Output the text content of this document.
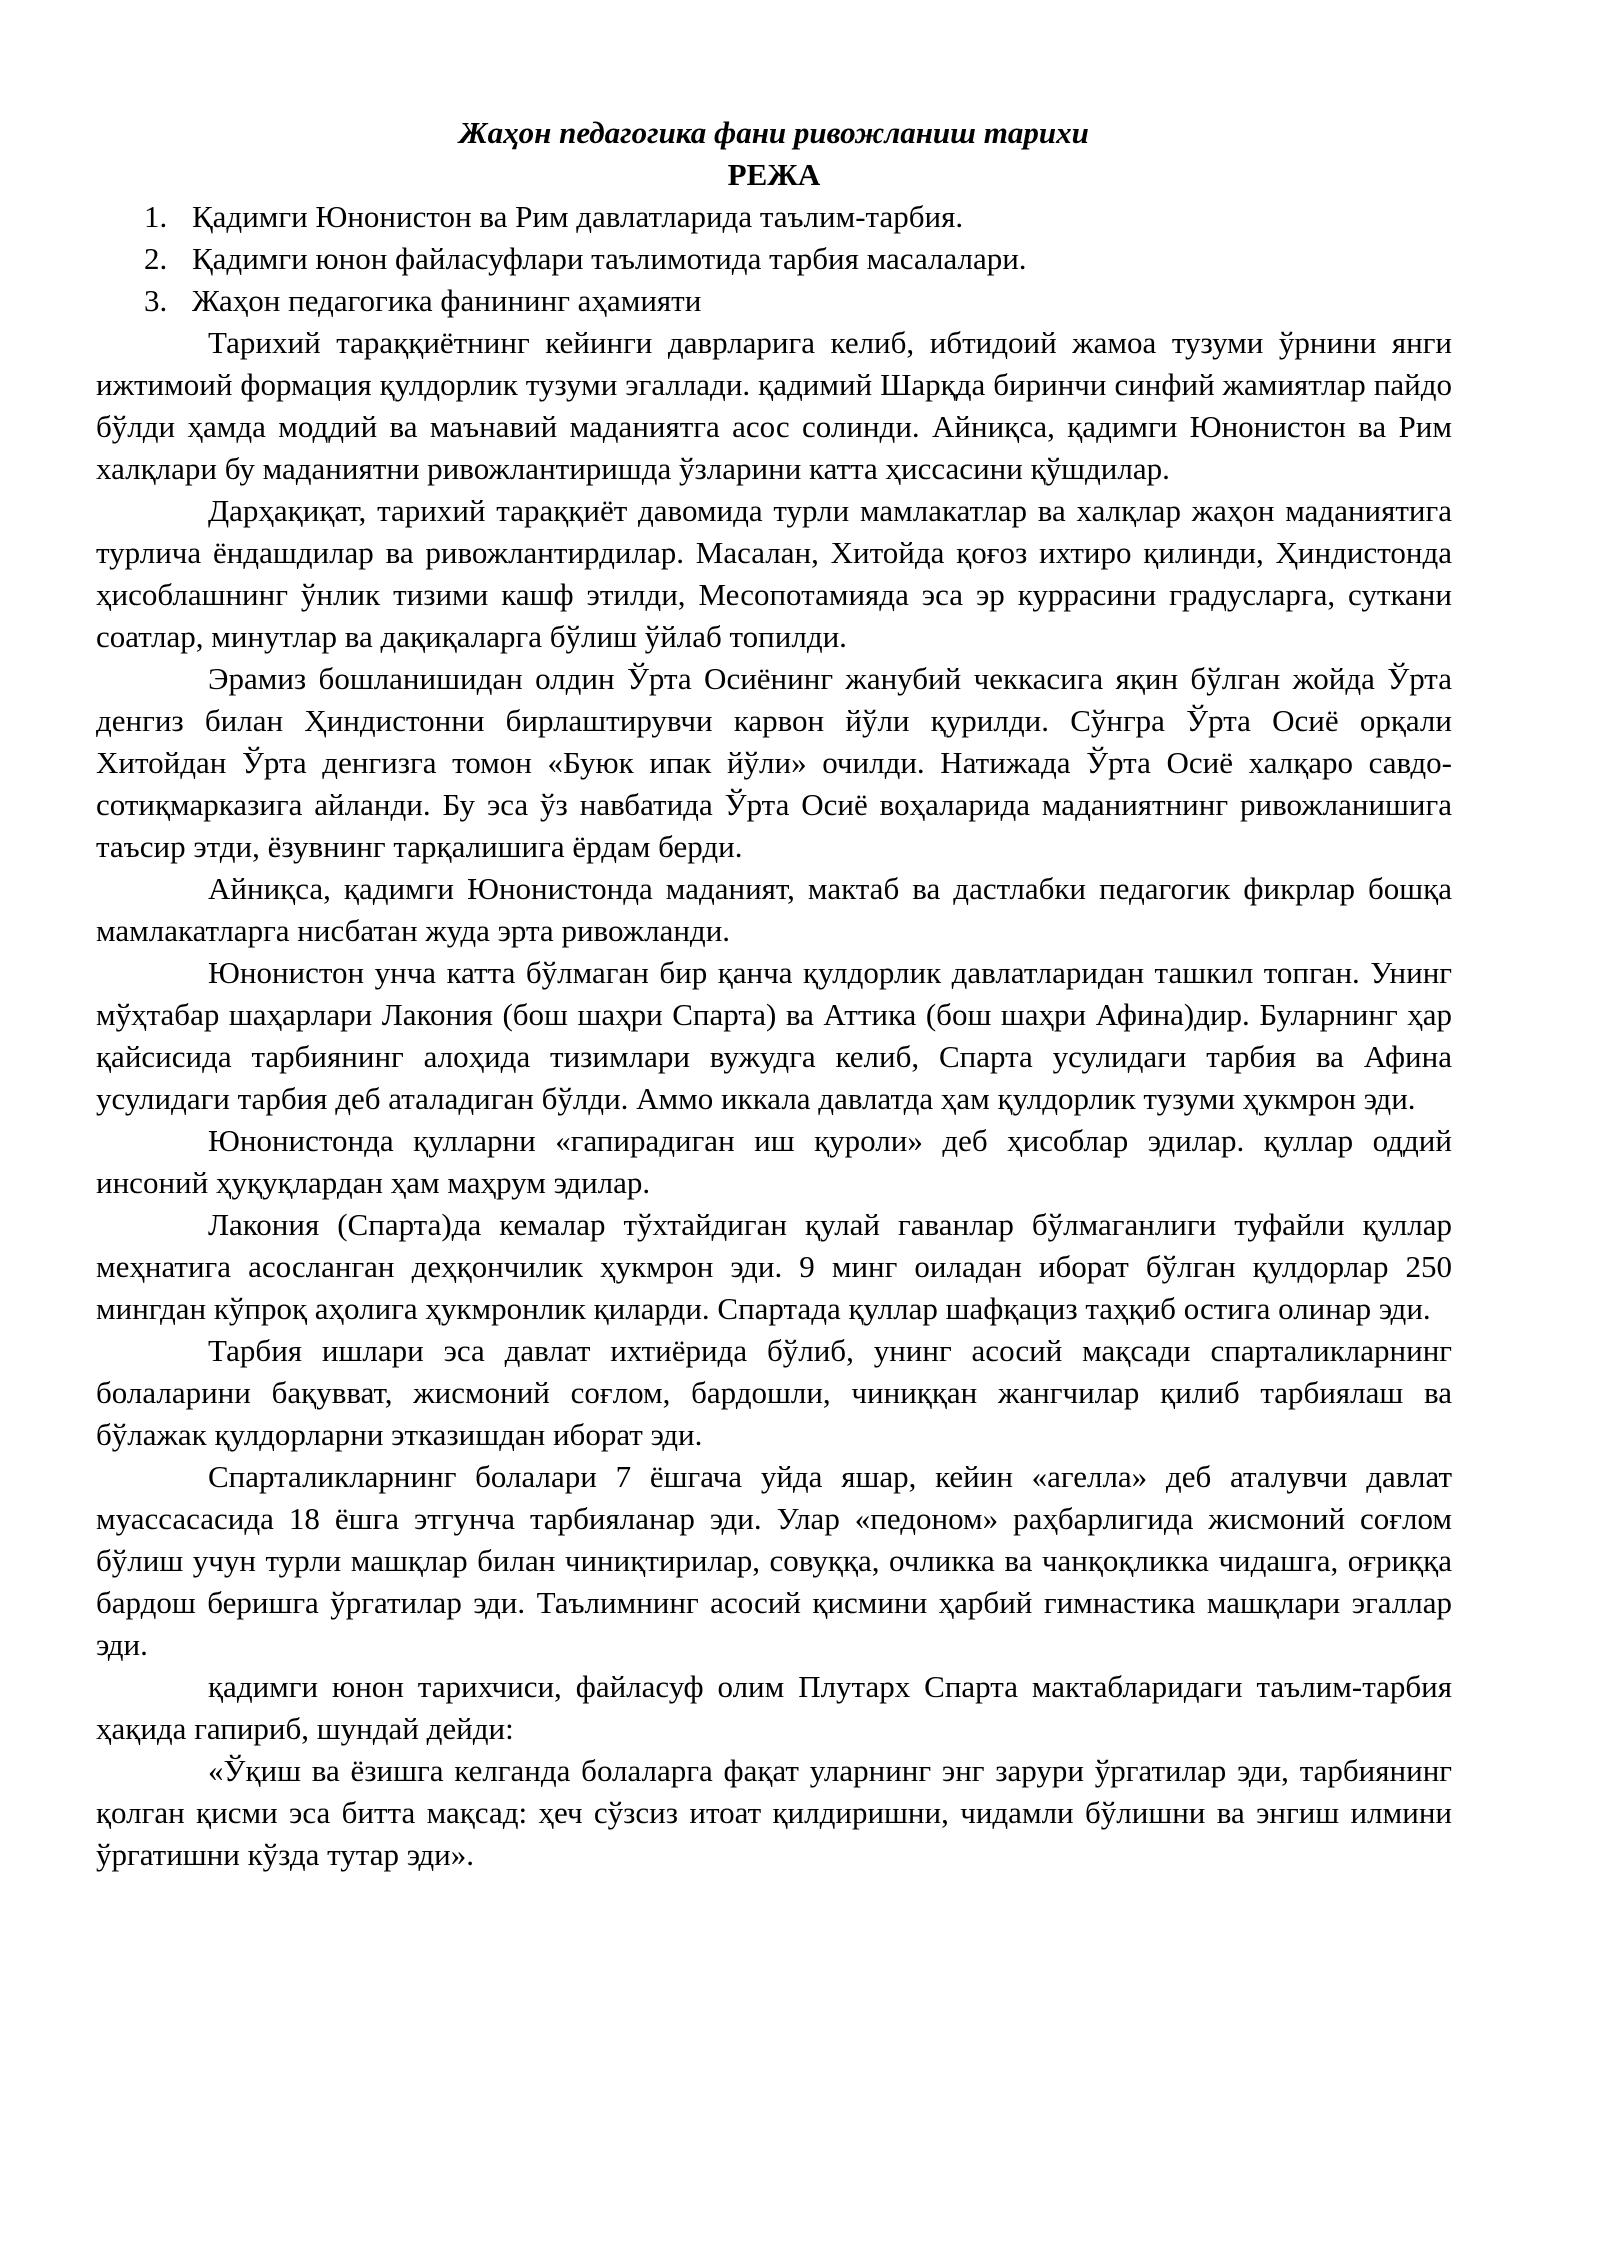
Жаҳон педагогика фани ривожланиш тарихи

РЕЖА

1. Қадимги Юнонистон ва Рим давлатларида таълим-тарбия.
2. Қадимги юнон файласуфлари таълимотида тарбия масалалари.
3. Жаҳон педагогика фанининг аҳамияти

Тарихий тараққиётнинг кейинги даврларига келиб, ибтидоий жамоа тузуми ўрнини янги ижтимоий формация қулдорлик тузуми эгаллади. қадимий Шарқда биринчи синфий жамиятлар пайдо бўлди ҳамда моддий ва маънавий маданиятга асос солинди. Айниқса, қадимги Юнонистон ва Рим халқлари бу маданиятни ривожлантиришда ўзларини катта ҳиссасини қўшдилар.

Дарҳақиқат, тарихий тараққиёт давомида турли мамлакатлар ва халқлар жаҳон маданиятига турлича ёндашдилар ва ривожлантирдилар. Масалан, Хитойда қоғоз ихтиро қилинди, Ҳиндистонда ҳисоблашнинг ўнлик тизими кашф этилди, Месопотамияда эса эр куррасини градусларга, суткани соатлар, минутлар ва дақиқаларга бўлиш ўйлаб топилди.

Эрамиз бошланишидан олдин Ўрта Осиёнинг жанубий чеккасига яқин бўлган жойда Ўрта денгиз билан Ҳиндистонни бирлаштирувчи карвон йўли қурилди. Сўнгра Ўрта Осиё орқали Хитойдан Ўрта денгизга томон «Буюк ипак йўли» очилди. Натижада Ўрта Осиё халқаро савдо-сотиқмарказига айланди. Бу эса ўз навбатида Ўрта Осиё воҳаларида маданиятнинг ривожланишига таъсир этди, ёзувнинг тарқалишига ёрдам берди.

Айниқса, қадимги Юнонистонда маданият, мактаб ва дастлабки педагогик фикрлар бошқа мамлакатларга нисбатан жуда эрта ривожланди.

Юнонистон унча катта бўлмаган бир қанча қулдорлик давлатларидан ташкил топган. Унинг мўҳтабар шаҳарлари Лакония (бош шаҳри Спарта) ва Аттика (бош шаҳри Афина)дир. Буларнинг ҳар қайсисида тарбиянинг алоҳида тизимлари вужудга келиб, Спарта усулидаги тарбия ва Афина усулидаги тарбия деб аталадиган бўлди. Аммо иккала давлатда ҳам қулдорлик тузуми ҳукмрон эди.

Юнонистонда қулларни «гапирадиган иш қуроли» деб ҳисоблар эдилар. қуллар оддий инсоний ҳуқуқлардан ҳам маҳрум эдилар.

Лакония (Спарта)да кемалар тўхтайдиган қулай гаванлар бўлмаганлиги туфайли қуллар меҳнатига асосланган деҳқончилик ҳукмрон эди. 9 минг оиладан иборат бўлган қулдорлар 250 мингдан кўпроқ аҳолига ҳукмронлик қиларди. Спартада қуллар шафқациз таҳқиб остига олинар эди.

Тарбия ишлари эса давлат ихтиёрида бўлиб, унинг асосий мақсади спарталикларнинг болаларини бақувват, жисмоний соғлом, бардошли, чиниққан жангчилар қилиб тарбиялаш ва бўлажак қулдорларни этказишдан иборат эди.

Спарталикларнинг болалари 7 ёшгача уйда яшар, кейин «агелла» деб аталувчи давлат муассасасида 18 ёшга этгунча тарбияланар эди. Улар «педоном» раҳбарлигида жисмоний соғлом бўлиш учун турли машқлар билан чиниқтирилар, совуққа, очликка ва чанқоқликка чидашга, оғриққа бардош беришга ўргатилар эди. Таълимнинг асосий қисмини ҳарбий гимнастика машқлари эгаллар эди.

қадимги юнон тарихчиси, файласуф олим Плутарх Спарта мактабларидаги таълим-тарбия ҳақида гапириб, шундай дейди:

«Ўқиш ва ёзишга келганда болаларга фақат уларнинг энг зарури ўргатилар эди, тарбиянинг қолган қисми эса битта мақсад: ҳеч сўзсиз итоат қилдиришни, чидамли бўлишни ва энгиш илмини ўргатишни кўзда тутар эди».
